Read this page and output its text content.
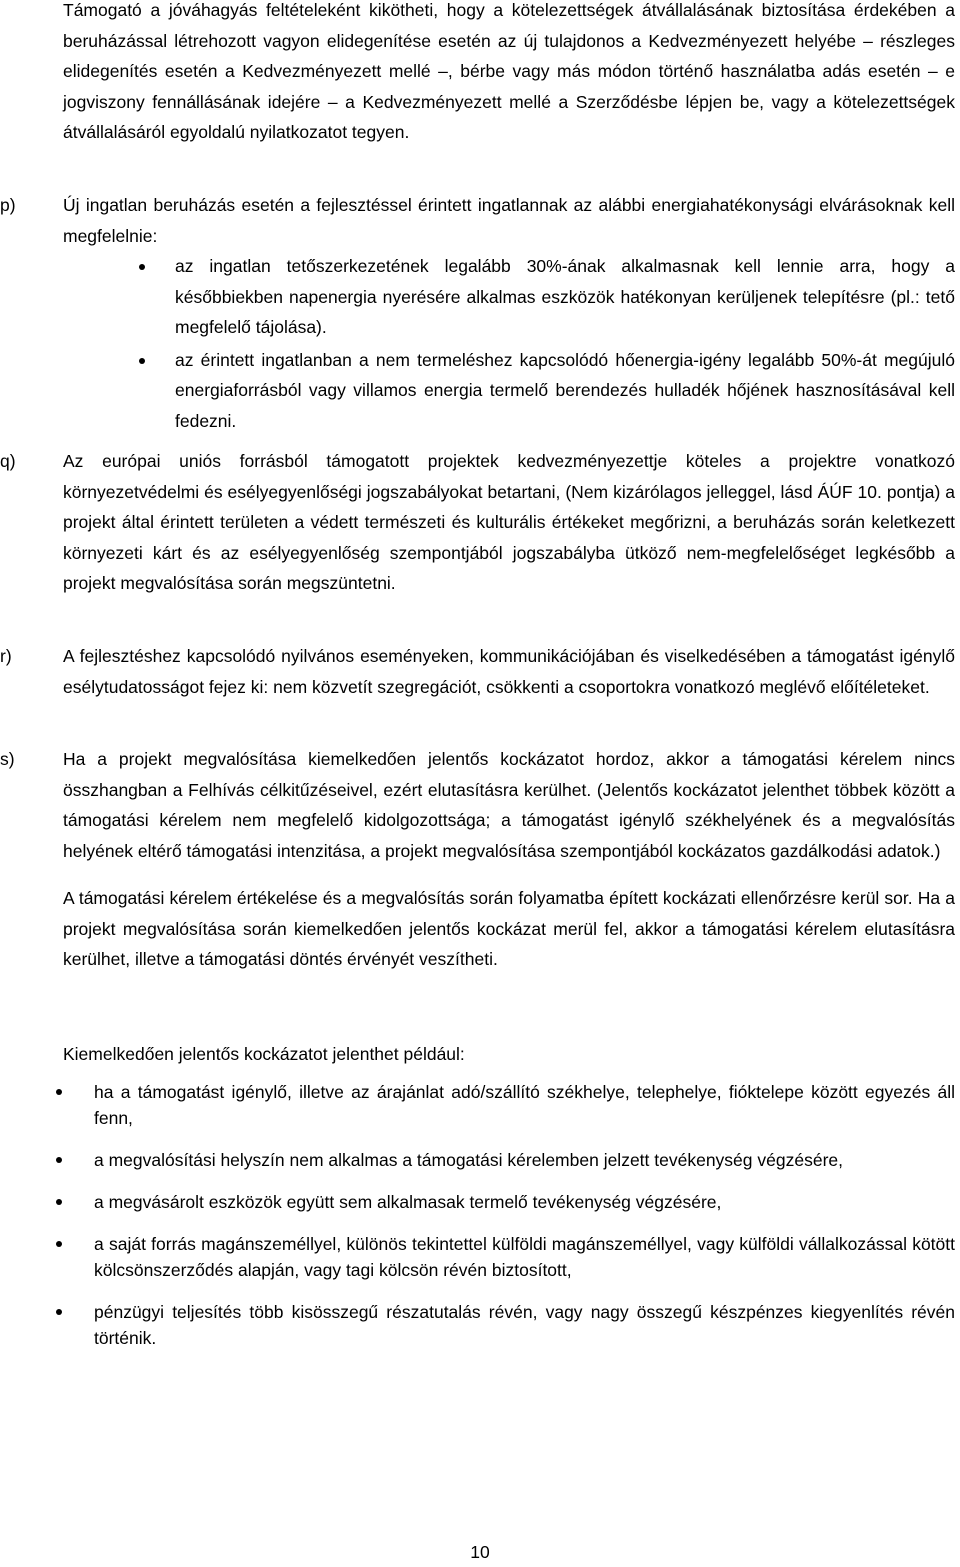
Támogató a jóváhagyás feltételeként kikötheti, hogy a kötelezettségek átvállalásának biztosítása érdekében a beruházással létrehozott vagyon elidegenítése esetén az új tulajdonos a Kedvezményezett helyébe – részleges elidegenítés esetén a Kedvezményezett mellé –, bérbe vagy más módon történő használatba adás esetén – e jogviszony fennállásának idejére – a Kedvezményezett mellé a Szerződésbe lépjen be, vagy a kötelezettségek átvállalásáról egyoldalú nyilatkozatot tegyen.
p)	Új ingatlan beruházás esetén a fejlesztéssel érintett ingatlannak az alábbi energiahatékonysági elvárásoknak kell megfelelnie:
az ingatlan tetőszerkezetének legalább 30%-ának alkalmasnak kell lennie arra, hogy a későbbiekben napenergia nyerésére alkalmas eszközök hatékonyan kerüljenek telepítésre (pl.: tető megfelelő tájolása).
az érintett ingatlanban a nem termeléshez kapcsolódó hőenergia-igény legalább 50%-át megújuló energiaforrásból vagy villamos energia termelő berendezés hulladék hőjének hasznosításával kell fedezni.
q)	Az európai uniós forrásból támogatott projektek kedvezményezettje köteles a projektre vonatkozó környezetvédelmi és esélyegyenlőségi jogszabályokat betartani, (Nem kizárólagos jelleggel, lásd ÁÚF 10. pontja) a projekt által érintett területen a védett természeti és kulturális értékeket megőrizni, a beruházás során keletkezett környezeti kárt és az esélyegyenlőség szempontjából jogszabályba ütköző nem-megfelelőséget legkésőbb a projekt megvalósítása során megszüntetni.
r)	A fejlesztéshez kapcsolódó nyilvános eseményeken, kommunikációjában és viselkedésében a támogatást igénylő esélytudatosságot fejez ki: nem közvetít szegregációt, csökkenti a csoportokra vonatkozó meglévő előítéleteket.
s)	Ha a projekt megvalósítása kiemelkedően jelentős kockázatot hordoz, akkor a támogatási kérelem nincs összhangban a Felhívás célkitűzéseivel, ezért elutasításra kerülhet. (Jelentős kockázatot jelenthet többek között a támogatási kérelem nem megfelelő kidolgozottsága; a támogatást igénylő székhelyének és a megvalósítás helyének eltérő támogatási intenzitása, a projekt megvalósítása szempontjából kockázatos gazdálkodási adatok.)
A támogatási kérelem értékelése és a megvalósítás során folyamatba épített kockázati ellenőrzésre kerül sor. Ha a projekt megvalósítása során kiemelkedően jelentős kockázat merül fel, akkor a támogatási kérelem elutasításra kerülhet, illetve a támogatási döntés érvényét veszítheti.
Kiemelkedően jelentős kockázatot jelenthet például:
ha a támogatást igénylő, illetve az árajánlat adó/szállító székhelye, telephelye, fióktelepe között egyezés áll fenn,
a megvalósítási helyszín nem alkalmas a támogatási kérelemben jelzett tevékenység végzésére,
a megvásárolt eszközök együtt sem alkalmasak termelő tevékenység végzésére,
a saját forrás magánszeméllyel, különös tekintettel külföldi magánszeméllyel, vagy külföldi vállalkozással kötött kölcsönszerződés alapján, vagy tagi kölcsön révén biztosított,
pénzügyi teljesítés több kisösszegű részatutalás révén, vagy nagy összegű készpénzes kiegyenlítés révén történik.
10
